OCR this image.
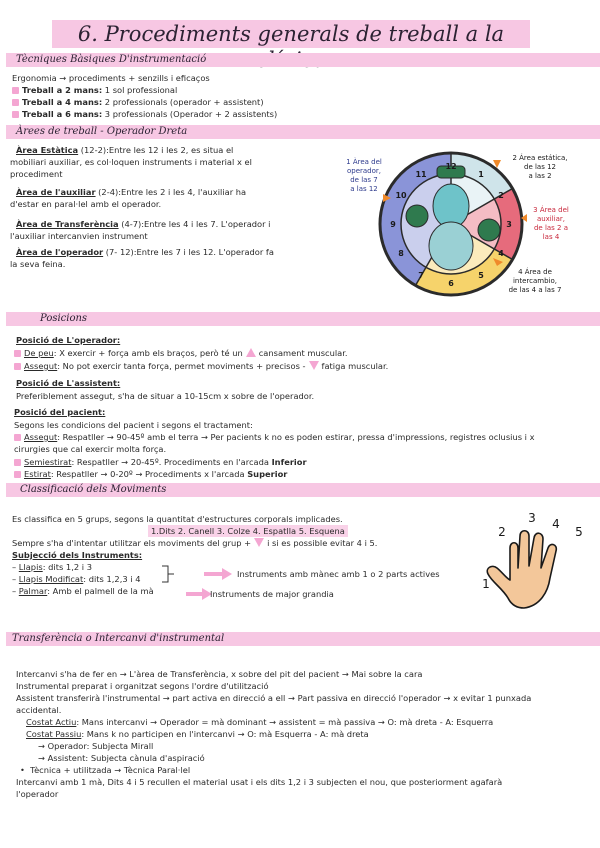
6. Procediments generals de treball a la
Tècniques Bàsiques D'instrumentació
Ergonomia → procediments + senzills i eficaços
Treball a 2 mans: 1 sol professional
Treball a 4 mans: 2 professionals (operador + assistent)
Treball a 6 mans: 3 professionals (Operador + 2 assistents)
Àrees de treball - Operador Dreta
Àrea Estàtica (12-2):Entre les 12 i les 2, es situa el
mobiliari auxiliar, es col·loquen instruments i material x el
procediment
Àrea de l'auxiliar (2-4):Entre les 2 i les 4, l'auxiliar ha
d'estar en paral·lel amb el operador.
Àrea de Transferència (4-7):Entre les 4 i les 7. L'operador i
l'auxiliar intercanvien instrument
Àrea de l'operador (7- 12):Entre les 7 i les 12. L'operador fa
la seva feina.
12
11	1
2
3
4
5
6
7
8
9
10
1 Àrea del
operador,
de las 7
a las 12
2 Área estática,
de las 12
a las 2
3 Área del
auxiliar,
de las 2 a
las 4
4 Área de
intercambio,
de las 4 a las 7
Posicions
Posició de L'operador:
De peu: X exercir + força amb els braços, però té un cansament muscular.
Assegut: No pot exercir tanta força, permet moviments + precisos - fatiga muscular.
Posició de L'assistent:
Preferiblement assegut, s'ha de situar a 10-15cm x sobre de l'operador.
Posició del pacient:
Segons les condicions del pacient i segons el tractament:
Assegut: Respatller → 90-45º amb el terra → Per pacients k no es poden estirar, pressa d'impressions, registres oclusius i x
cirurgies que cal exercir molta força.
Semiestirat: Respatller → 20-45º. Procediments en l'arcada Inferior
Estirat: Respatller → 0-20º → Procediments x l'arcada Superior
Classificació dels Moviments
Es classifica en 5 grups, segons la quantitat d'estructures corporals implicades.
1.Dits 2. Canell 3. Colze 4. Espatlla 5. Esquena
Sempre s'ha d'intentar utilitzar els moviments del grup + i si es possible evitar 4 i 5.
Subjecció dels Instruments:
– Llapis: dits 1,2 i 3
– Llapis Modificat: dits 1,2,3 i 4
– Palmar: Amb el palmell de la mà
Instruments amb mànec amb 1 o 2 parts actives
Instruments de major grandia
1
2
3 4
5
Transferència o Intercanvi d'instrumental
Intercanvi s'ha de fer en → L'àrea de Transferència, x sobre del pit del pacient → Mai sobre la cara
Instrumental preparat i organitzat segons l'ordre d'utilització
Assistent transferirà l'instrumental → part activa en direcció a ell → Part passiva en direcció l'operador → x evitar 1 punxada
accidental.
Costat Actiu: Mans intercanvi → Operador = mà dominant → assistent = mà passiva → O: mà dreta - A: Esquerra
Costat Passiu: Mans k no participen en l'intercanvi → O: mà Esquerra - A: mà dreta
→ Operador: Subjecta Mirall
→ Assistent: Subjecta cànula d'aspiració
•  Tècnica + utilitzada → Tècnica Paral·lel
Intercanvi amb 1 mà, Dits 4 i 5 recullen el material usat i els dits 1,2 i 3 subjecten el nou, que posteriorment agafarà
l'operador
